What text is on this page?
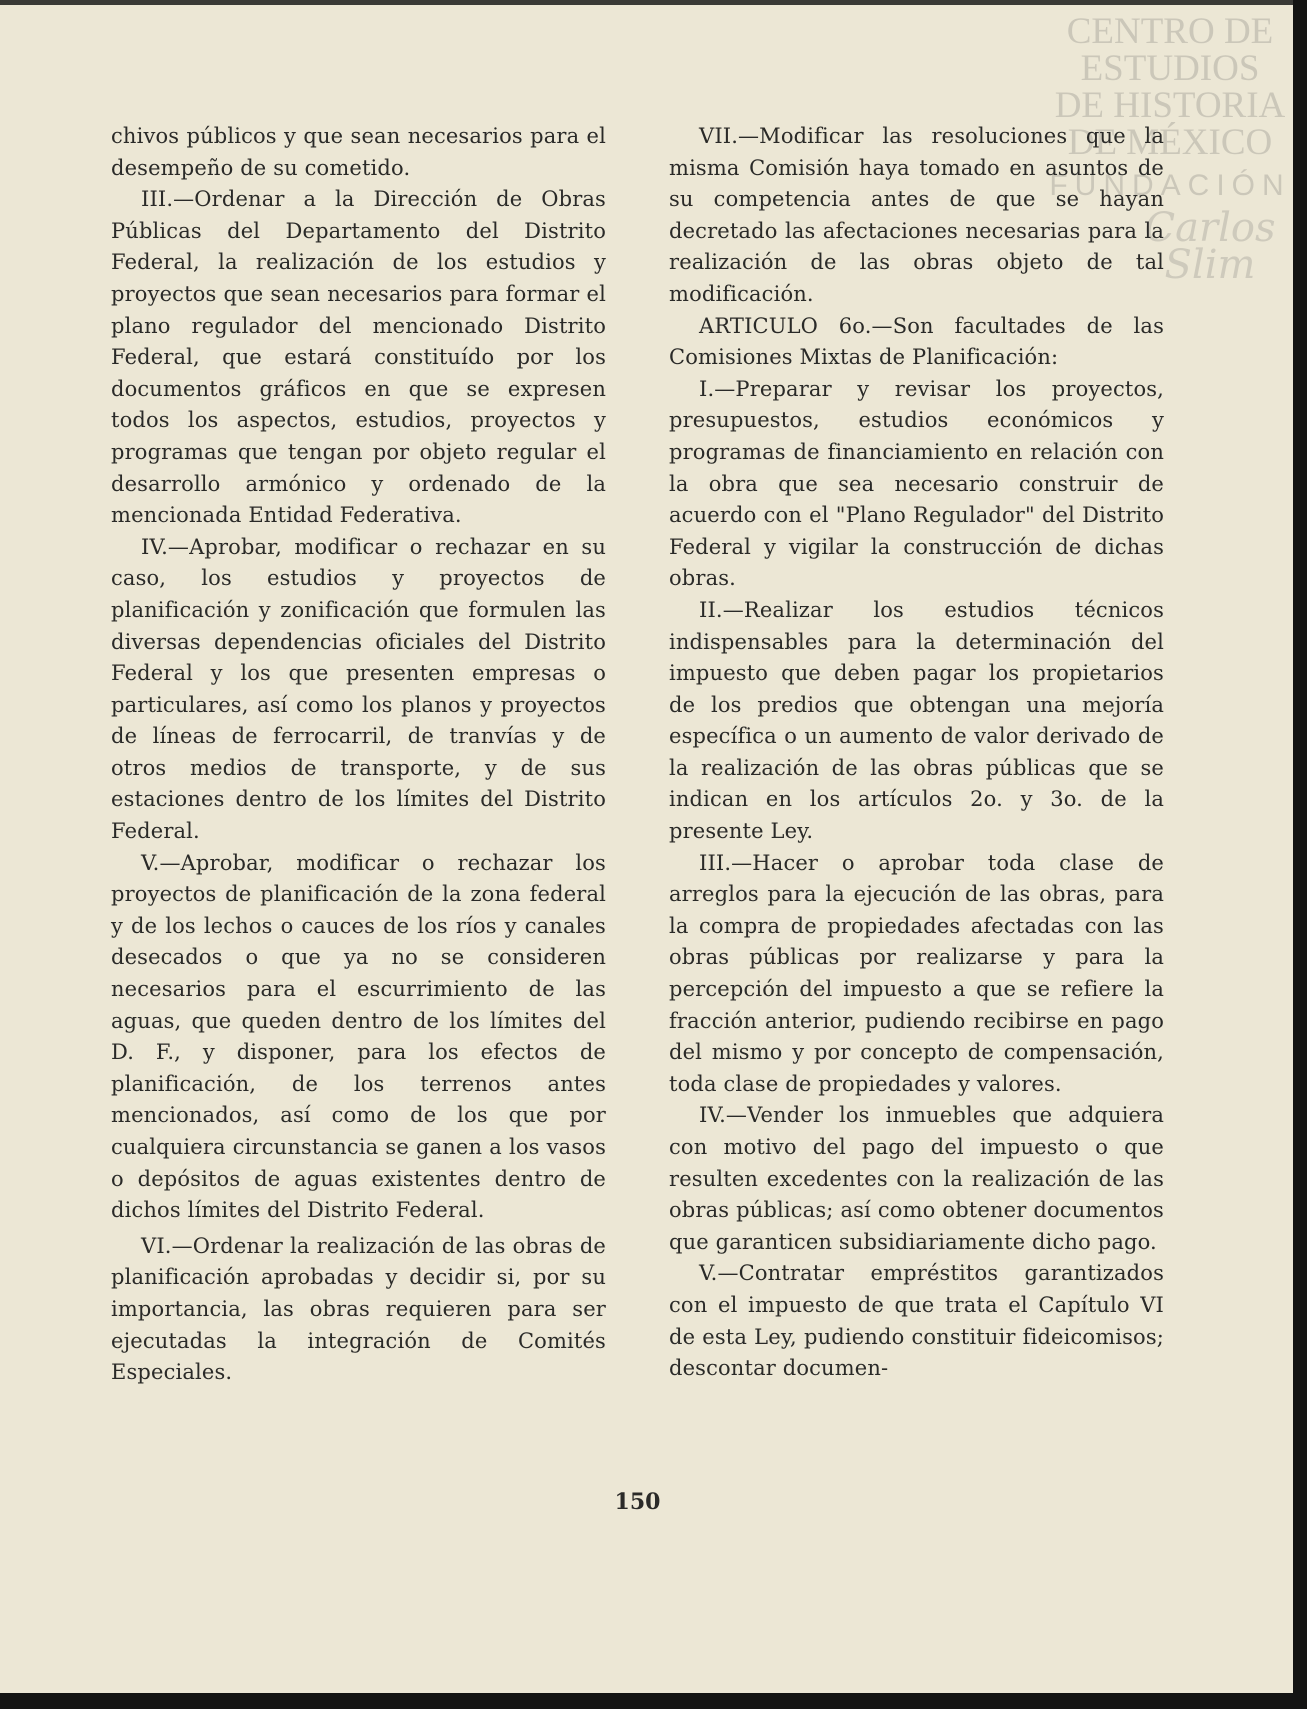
CENTRO DE
ESTUDIOS
DE HISTORIA
DE MÉXICO
FUNDACIÓN
Carlos Slim

chivos públicos y que sean necesarios para el desempeño de su cometido.

III.—Ordenar a la Dirección de Obras Públicas del Departamento del Distrito Federal, la realización de los estudios y proyectos que sean necesarios para formar el plano regulador del mencionado Distrito Federal, que estará constituído por los documentos gráficos en que se expresen todos los aspectos, estudios, proyectos y programas que tengan por objeto regular el desarrollo armónico y ordenado de la mencionada Entidad Federativa.

IV.—Aprobar, modificar o rechazar en su caso, los estudios y proyectos de planificación y zonificación que formulen las diversas dependencias oficiales del Distrito Federal y los que presenten empresas o particulares, así como los planos y proyectos de líneas de ferrocarril, de tranvías y de otros medios de transporte, y de sus estaciones dentro de los límites del Distrito Federal.

V.—Aprobar, modificar o rechazar los proyectos de planificación de la zona federal y de los lechos o cauces de los ríos y canales desecados o que ya no se consideren necesarios para el escurrimiento de las aguas, que queden dentro de los límites del D. F., y disponer, para los efectos de planificación, de los terrenos antes mencionados, así como de los que por cualquiera circunstancia se ganen a los vasos o depósitos de aguas existentes dentro de dichos límites del Distrito Federal.

VI.—Ordenar la realización de las obras de planificación aprobadas y decidir si, por su importancia, las obras requieren para ser ejecutadas la integración de Comités Especiales.

VII.—Modificar las resoluciones que la misma Comisión haya tomado en asuntos de su competencia antes de que se hayan decretado las afectaciones necesarias para la realización de las obras objeto de tal modificación.

ARTICULO 6o.—Son facultades de las Comisiones Mixtas de Planificación:

I.—Preparar y revisar los proyectos, presupuestos, estudios económicos y programas de financiamiento en relación con la obra que sea necesario construir de acuerdo con el "Plano Regulador" del Distrito Federal y vigilar la construcción de dichas obras.

II.—Realizar los estudios técnicos indispensables para la determinación del impuesto que deben pagar los propietarios de los predios que obtengan una mejoría específica o un aumento de valor derivado de la realización de las obras públicas que se indican en los artículos 2o. y 3o. de la presente Ley.

III.—Hacer o aprobar toda clase de arreglos para la ejecución de las obras, para la compra de propiedades afectadas con las obras públicas por realizarse y para la percepción del impuesto a que se refiere la fracción anterior, pudiendo recibirse en pago del mismo y por concepto de compensación, toda clase de propiedades y valores.

IV.—Vender los inmuebles que adquiera con motivo del pago del impuesto o que resulten excedentes con la realización de las obras públicas; así como obtener documentos que garanticen subsidiariamente dicho pago.

V.—Contratar empréstitos garantizados con el impuesto de que trata el Capítulo VI de esta Ley, pudiendo constituir fideicomisos; descontar documen-

150
